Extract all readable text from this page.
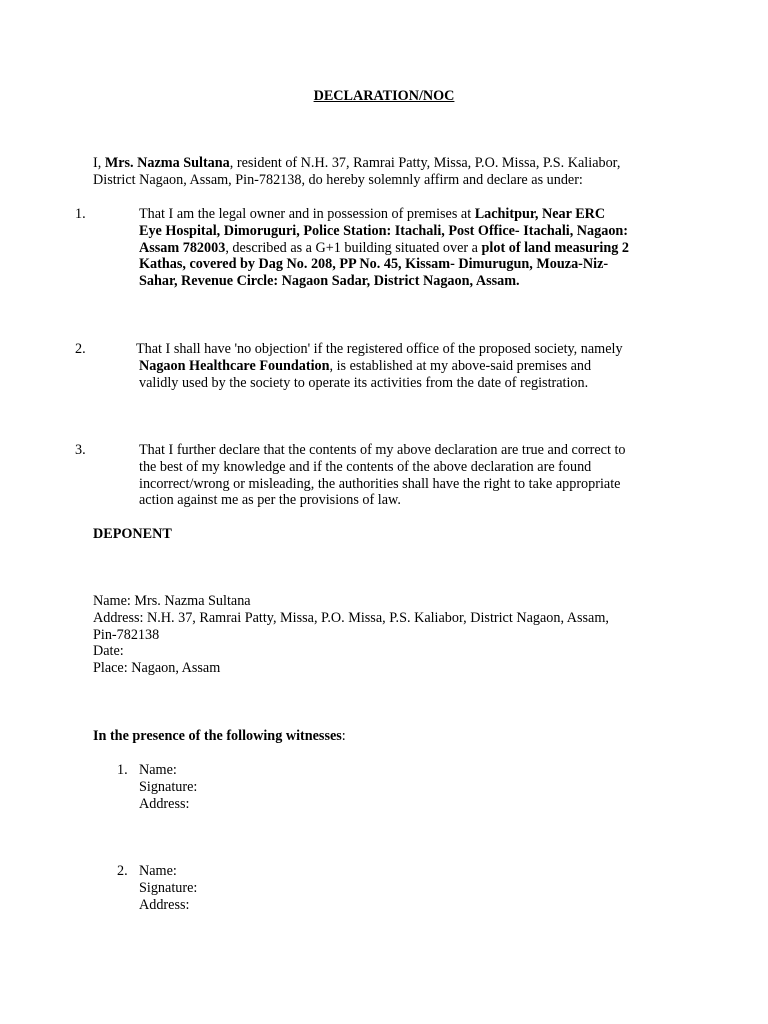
DECLARATION/NOC
I, Mrs. Nazma Sultana, resident of N.H. 37, Ramrai Patty, Missa, P.O. Missa, P.S. Kaliabor,
District Nagaon, Assam, Pin-782138, do hereby solemnly affirm and declare as under:
1.	That I am the legal owner and in possession of premises at Lachitpur, Near ERC
Eye Hospital, Dimoruguri, Police Station: Itachali, Post Office- Itachali, Nagaon:
Assam 782003, described as a G+1 building situated over a plot of land measuring 2
Kathas, covered by Dag No. 208, PP No. 45, Kissam- Dimurugun, Mouza-Niz-
Sahar, Revenue Circle: Nagaon Sadar, District Nagaon, Assam.
2.	That I shall have 'no objection' if the registered office of the proposed society, namely
Nagaon Healthcare Foundation, is established at my above-said premises and
validly used by the society to operate its activities from the date of registration.
3.	That I further declare that the contents of my above declaration are true and correct to
the best of my knowledge and if the contents of the above declaration are found
incorrect/wrong or misleading, the authorities shall have the right to take appropriate
action against me as per the provisions of law.
DEPONENT
Name: Mrs. Nazma Sultana
Address: N.H. 37, Ramrai Patty, Missa, P.O. Missa, P.S. Kaliabor, District Nagaon, Assam,
Pin-782138
Date:
Place: Nagaon, Assam
In the presence of the following witnesses:
1. Name:
Signature:
Address:
2. Name:
Signature:
Address:
